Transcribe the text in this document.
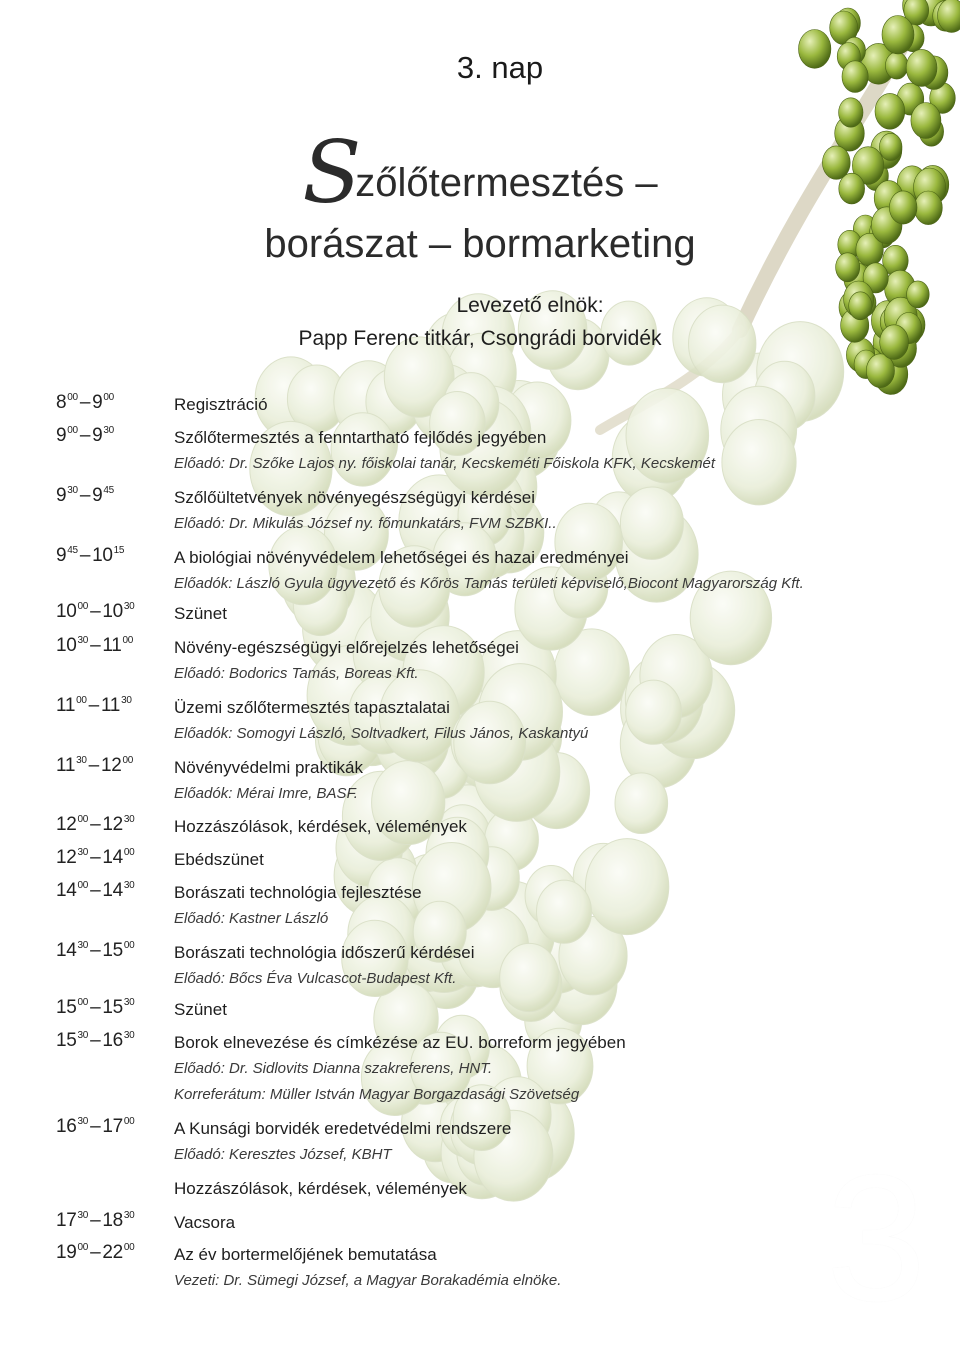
3. nap
Szőlőtermesztés –
borászat – bormarketing
Levezető elnök:
Papp Ferenc titkár, Csongrádi borvidék
$8^{00} - 9^{00}$	Regisztráció
$9^{00} - 9^{30}$	Szőlőtermesztés a fenntartható fejlődés jegyében
Előadó: Dr. Szőke Lajos ny. főiskolai tanár, Kecskeméti Főiskola KFK, Kecskemét
$9^{30} - 9^{45}$	Szőlőültetvények növényegészségügyi kérdései
Előadó: Dr. Mikulás József ny. főmunkatárs, FVM SZBKI..
$9^{45} - 10^{15}$	A biológiai növényvédelem lehetőségei és hazai eredményei
Előadók: László Gyula ügyvezető és Kőrös Tamás területi képviselő,Biocont Magyarország Kft.
$10^{00} - 10^{30}$ Szünet
$10^{30} - 11^{00}$ Növény-egészségügyi előrejelzés lehetőségei
Előadó: Bodorics Tamás, Boreas Kft.
$11^{00} - 11^{30}$ Üzemi szőlőtermesztés tapasztalatai
Előadók: Somogyi László, Soltvadkert, Filus János, Kaskantyú
$11^{30} - 12^{00}$ Növényvédelmi praktikák
Előadók: Mérai Imre, BASF.
$12^{00} - 12^{30}$ Hozzászólások, kérdések, vélemények
$12^{30} - 14^{00}$ Ebédszünet
$14^{00} - 14^{30}$ Borászati technológia fejlesztése
Előadó: Kastner László
$14^{30} - 15^{00}$ Borászati technológia időszerű kérdései
Előadó: Bőcs Éva Vulcascot-Budapest Kft.
$15^{00} - 15^{30}$ Szünet
$15^{30} - 16^{30}$ Borok elnevezése és címkézése az EU. borreform jegyében
Előadó: Dr. Sidlovits Dianna szakreferens, HNT.
Korreferátum: Müller István Magyar Borgazdasági Szövetség
$16^{30} - 17^{00}$ A Kunsági borvidék eredetvédelmi rendszere
Előadó: Keresztes József, KBHT
Hozzászólások, kérdések, vélemények
$17^{30} - 18^{30}$ Vacsora
$19^{00} - 22^{00}$ Az év bortermelőjének bemutatása
Vezeti: Dr. Sümegi József, a Magyar Borakadémia elnöke.	3
